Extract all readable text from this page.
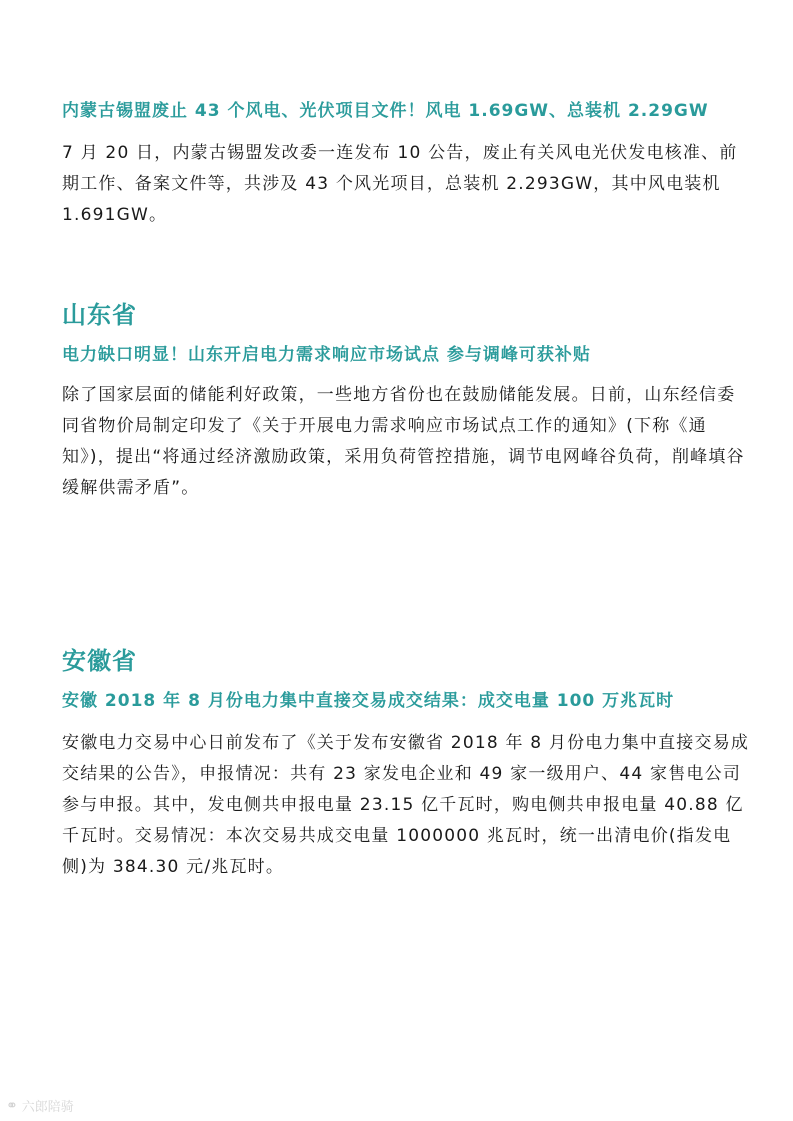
内蒙古锡盟废止 43 个风电、光伏项目文件！风电 1.69GW、总装机 2.29GW

7 月 20 日，内蒙古锡盟发改委一连发布 10 公告，废止有关风电光伏发电核准、前期工作、备案文件等，共涉及 43 个风光项目，总装机 2.293GW，其中风电装机 1.691GW。

山东省
电力缺口明显！山东开启电力需求响应市场试点 参与调峰可获补贴

除了国家层面的储能利好政策，一些地方省份也在鼓励储能发展。日前，山东经信委同省物价局制定印发了《关于开展电力需求响应市场试点工作的通知》(下称《通知》)，提出“将通过经济激励政策，采用负荷管控措施，调节电网峰谷负荷，削峰填谷缓解供需矛盾”。

安徽省
安徽 2018 年 8 月份电力集中直接交易成交结果：成交电量 100 万兆瓦时

安徽电力交易中心日前发布了《关于发布安徽省 2018 年 8 月份电力集中直接交易成交结果的公告》，申报情况：共有 23 家发电企业和 49 家一级用户、44 家售电公司参与申报。其中，发电侧共申报电量 23.15 亿千瓦时，购电侧共申报电量 40.88 亿千瓦时。交易情况：本次交易共成交电量 1000000 兆瓦时，统一出清电价(指发电侧)为 384.30 元/兆瓦时。

⚭ 六郎陪骑
